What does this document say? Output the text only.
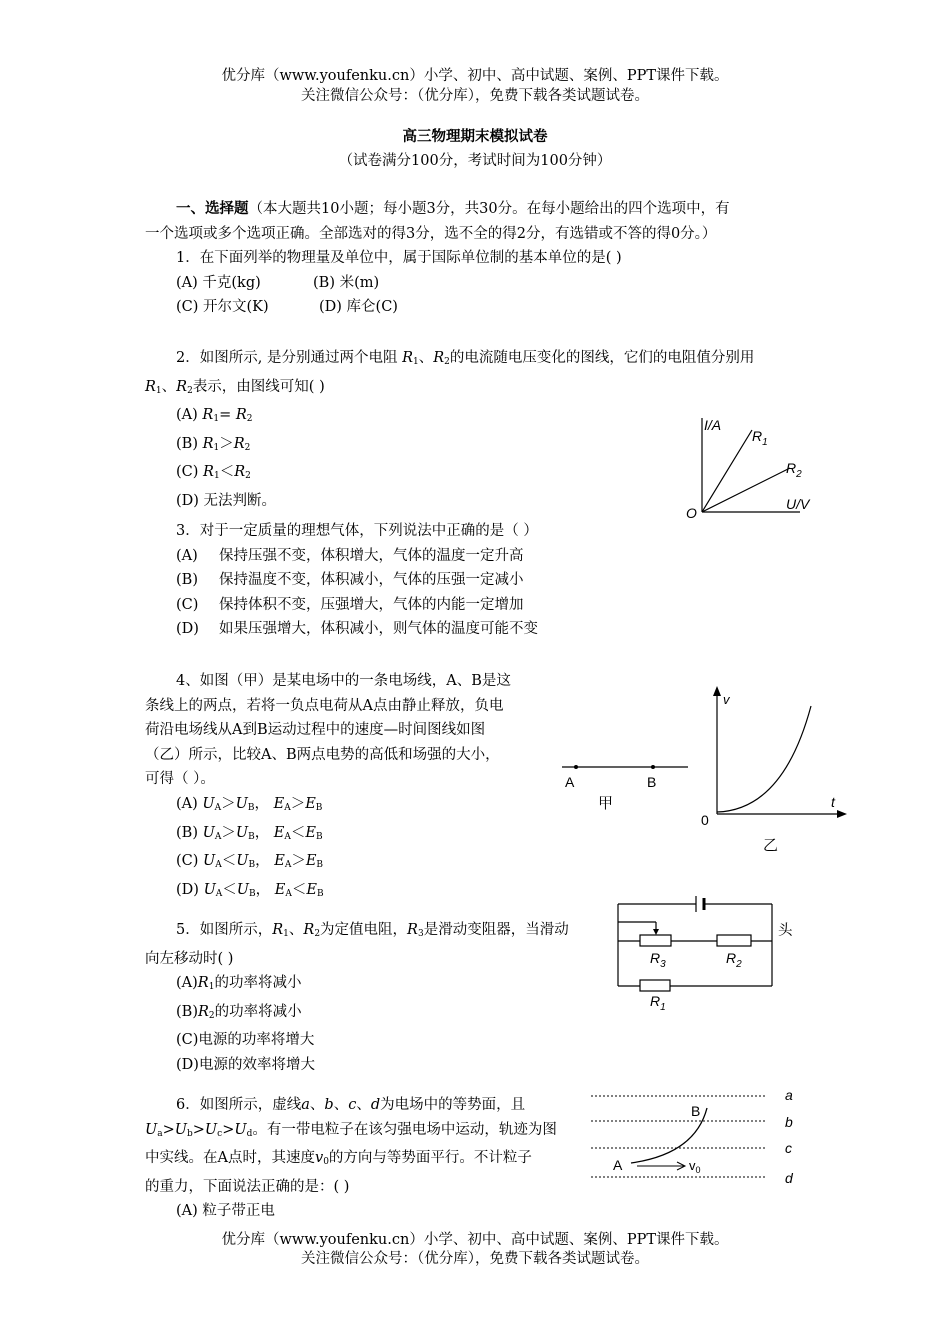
优分库（www.youfenku.cn）小学、初中、高中试题、案例、PPT课件下载。
关注微信公众号：（优分库），免费下载各类试题试卷。
高三物理期末模拟试卷
（试卷满分100分，考试时间为100分钟）

一、选择题（本大题共10小题；每小题3分，共30分。在每小题给出的四个选项中，有

一个选项或多个选项正确。全部选对的得3分，选不全的得2分，有选错或不答的得0分。）

1．在下面列举的物理量及单位中，属于国际单位制的基本单位的是( )

(A) 千克(kg)	(B) 米(m)

(C) 开尔文(K)	(D) 库仑(C)

2．如图所示, 是分别通过两个电阻 $R_1$、$R_2$的电流随电压变化的图线，它们的电阻值分别用

$R_1$、$R_2$表示，由图线可知( )

(A) $R_1= R_2$

(B) $R_1>R_2$

(C) $R_1<R_2$

(D) 无法判断。

I/A
U/V
O
$R_1$
$R_2$

3．对于一定质量的理想气体，下列说法中正确的是（ ）

(A) 保持压强不变，体积增大，气体的温度一定升高

(B) 保持温度不变，体积减小，气体的压强一定减小

(C) 保持体积不变，压强增大，气体的内能一定增加

(D) 如果压强增大，体积减小，则气体的温度可能不变

4、如图（甲）是某电场中的一条电场线，A、B是这

条线上的两点，若将一负点电荷从A点由静止释放，负电

荷沿电场线从A到B运动过程中的速度—时间图线如图

（乙）所示，比较A、B两点电势的高低和场强的大小，

可得（ ）。

(A) $U_A>U_B$， $E_A>E_B$

(B) $U_A>U_B$， $E_A<E_B$

(C) $U_A<U_B$， $E_A>E_B$

(D) $U_A<U_B$， $E_A<E_B$

A	B
甲
v
t
0
乙

5．如图所示，$R_1$、$R_2$为定值电阻，$R_3$是滑动变阻器，当滑动

向左移动时( )

$(A)R_1$的功率将减小

$(B)R_2$的功率将减小

(C)电源的功率将增大

(D)电源的效率将增大

头
$R_3$	$R_2$
$R_1$

6．如图所示，虚线a、b、c、d为电场中的等势面，且

$U_a>U_b>U_c>U_d$。有一带电粒子在该匀强电场中运动，轨迹为图

中实线。在A点时，其速度$v_0$的方向与等势面平行。不计粒子

的重力，下面说法正确的是：( )

(A) 粒子带正电

a
b
c
d
A
B
$v_0$
优分库（www.youfenku.cn）小学、初中、高中试题、案例、PPT课件下载。
关注微信公众号：（优分库），免费下载各类试题试卷。
